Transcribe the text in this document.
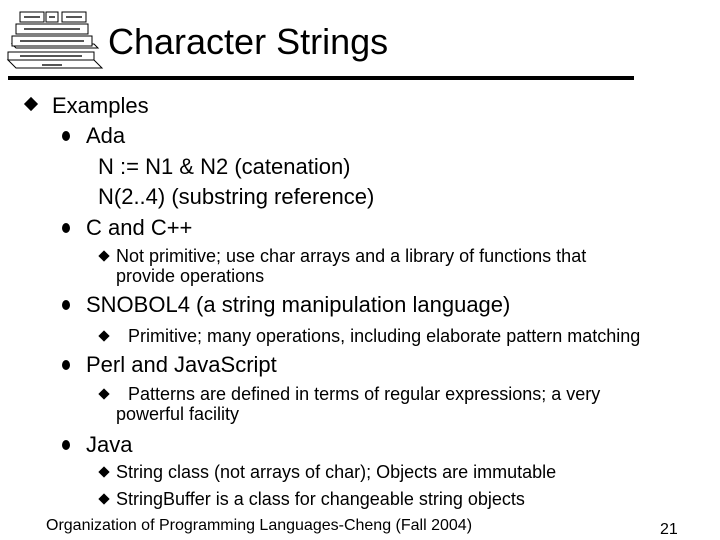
Character Strings
Examples
Ada
N := N1 & N2 (catenation)
N(2..4) (substring reference)
C and C++
Not primitive; use char arrays and a library of functions that
provide operations
SNOBOL4 (a string manipulation language)
Primitive; many operations, including elaborate pattern matching
Perl and JavaScript
Patterns are defined in terms of regular expressions; a very
powerful facility
Java
String class (not arrays of char); Objects are immutable
StringBuffer is a class for changeable string objects
Organization of Programming Languages-Cheng (Fall 2004)	21
